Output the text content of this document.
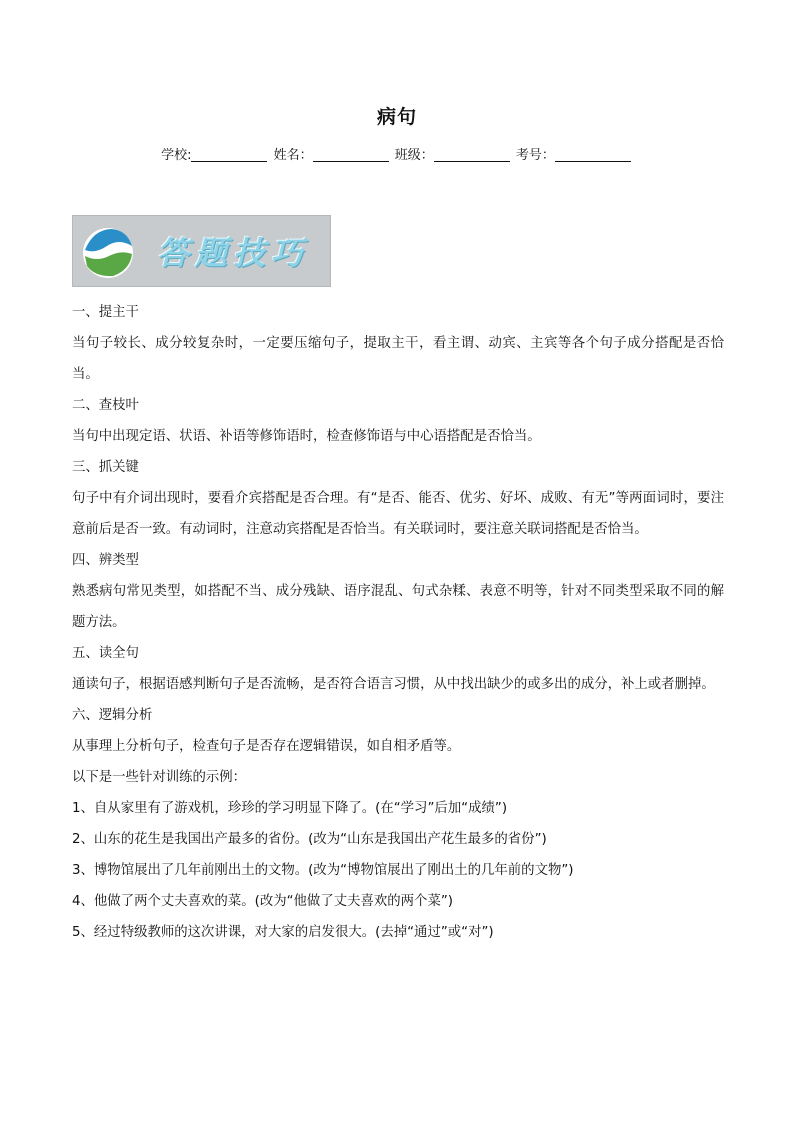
病句
学校:	姓名：	班级：	考号：
答题技巧

一、提主干

当句子较长、成分较复杂时，一定要压缩句子，提取主干，看主谓、动宾、主宾等各个句子成分搭配是否恰当。

二、查枝叶

当句中出现定语、状语、补语等修饰语时，检查修饰语与中心语搭配是否恰当。

三、抓关键

句子中有介词出现时，要看介宾搭配是否合理。有“是否、能否、优劣、好坏、成败、有无”等两面词时，要注意前后是否一致。有动词时，注意动宾搭配是否恰当。有关联词时，要注意关联词搭配是否恰当。

四、辨类型

熟悉病句常见类型，如搭配不当、成分残缺、语序混乱、句式杂糅、表意不明等，针对不同类型采取不同的解题方法。

五、读全句

通读句子，根据语感判断句子是否流畅，是否符合语言习惯，从中找出缺少的或多出的成分，补上或者删掉。

六、逻辑分析

从事理上分析句子，检查句子是否存在逻辑错误，如自相矛盾等。

以下是一些针对训练的示例：

1、自从家里有了游戏机，珍珍的学习明显下降了。(在“学习”后加“成绩”)

2、山东的花生是我国出产最多的省份。(改为“山东是我国出产花生最多的省份”)

3、博物馆展出了几年前刚出土的文物。(改为“博物馆展出了刚出土的几年前的文物”)

4、他做了两个丈夫喜欢的菜。(改为“他做了丈夫喜欢的两个菜”)

5、经过特级教师的这次讲课，对大家的启发很大。(去掉“通过”或“对”)
